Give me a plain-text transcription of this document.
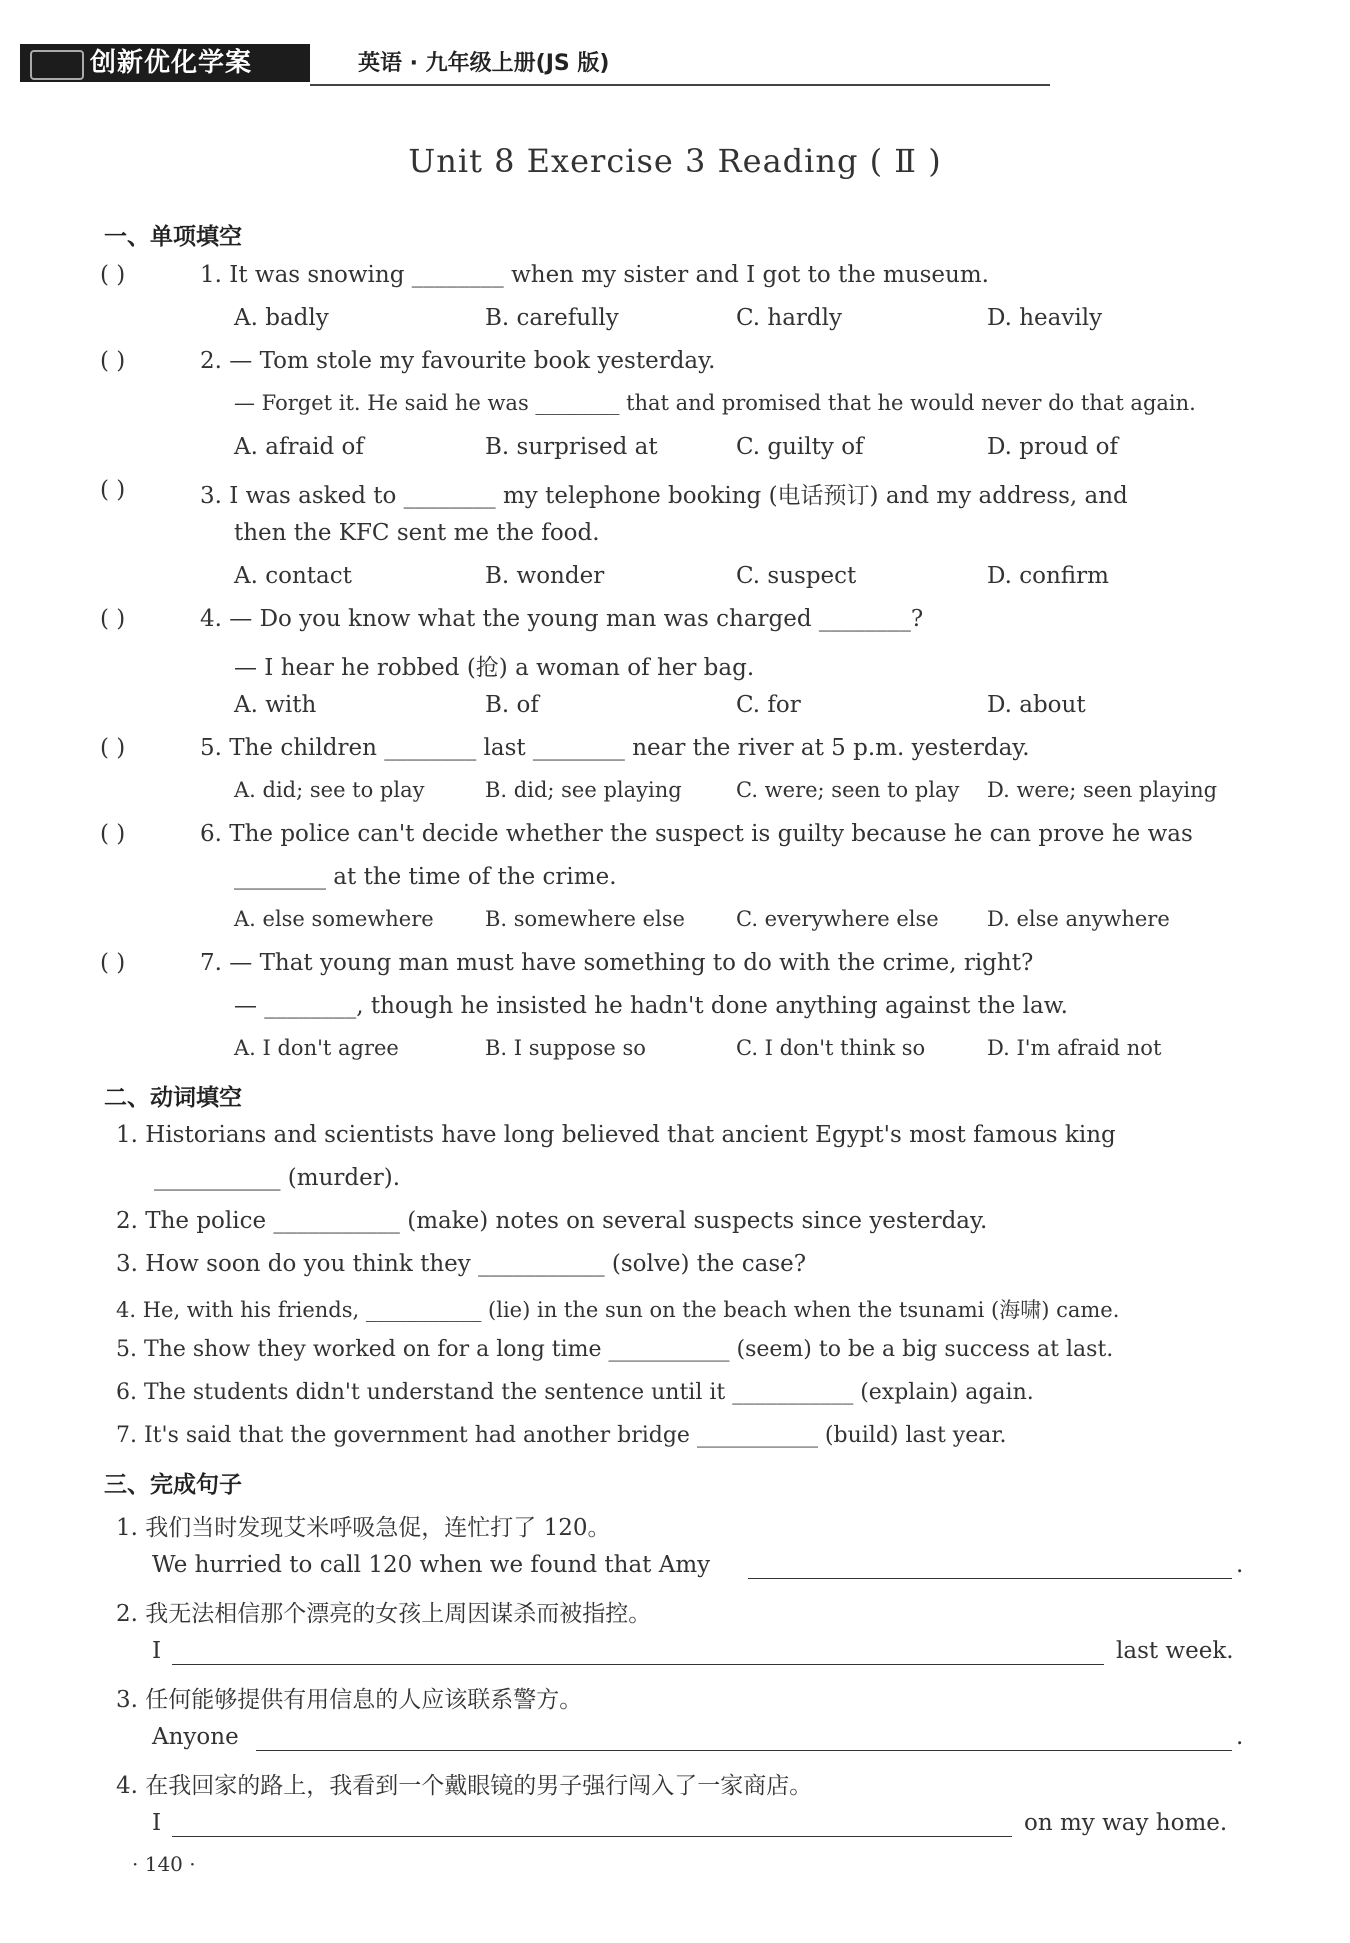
创新优化学案	英语 · 九年级上册(JS 版)
Unit 8 Exercise 3 Reading ( Ⅱ )
一、单项填空
( )	1. It was snowing ________ when my sister and I got to the museum.
A. badly	B. carefully	C. hardly	D. heavily
( )	2. — Tom stole my favourite book yesterday.
— Forget it. He said he was ________ that and promised that he would never do that again.
A. afraid of	B. surprised at	C. guilty of	D. proud of
( )	3. I was asked to ________ my telephone booking (电话预订) and my address, and
then the KFC sent me the food.
A. contact	B. wonder	C. suspect	D. confirm
( )	4. — Do you know what the young man was charged ________?
— I hear he robbed (抢) a woman of her bag.
A. with	B. of	C. for	D. about
( )	5. The children ________ last ________ near the river at 5 p.m. yesterday.
A. did; see to play	B. did; see playing	C. were; seen to play D. were; seen playing
( )	6. The police can't decide whether the suspect is guilty because he can prove he was
________ at the time of the crime.
A. else somewhere B. somewhere else C. everywhere else D. else anywhere
( )	7. — That young man must have something to do with the crime, right?
— ________, though he insisted he hadn't done anything against the law.
A. I don't agree	B. I suppose so	C. I don't think so	D. I'm afraid not
二、动词填空
1. Historians and scientists have long believed that ancient Egypt's most famous king
___________ (murder).
2. The police ___________ (make) notes on several suspects since yesterday.
3. How soon do you think they ___________ (solve) the case?
4. He, with his friends, ___________ (lie) in the sun on the beach when the tsunami (海啸) came.
5. The show they worked on for a long time ___________ (seem) to be a big success at last.
6. The students didn't understand the sentence until it ___________ (explain) again.
7. It's said that the government had another bridge ___________ (build) last year.
三、完成句子
1. 我们当时发现艾米呼吸急促，连忙打了 120。
We hurried to call 120 when we found that Amy	.
2. 我无法相信那个漂亮的女孩上周因谋杀而被指控。
I	last week.
3. 任何能够提供有用信息的人应该联系警方。
Anyone	.
4. 在我回家的路上，我看到一个戴眼镜的男子强行闯入了一家商店。
I	on my way home.
· 140 ·
